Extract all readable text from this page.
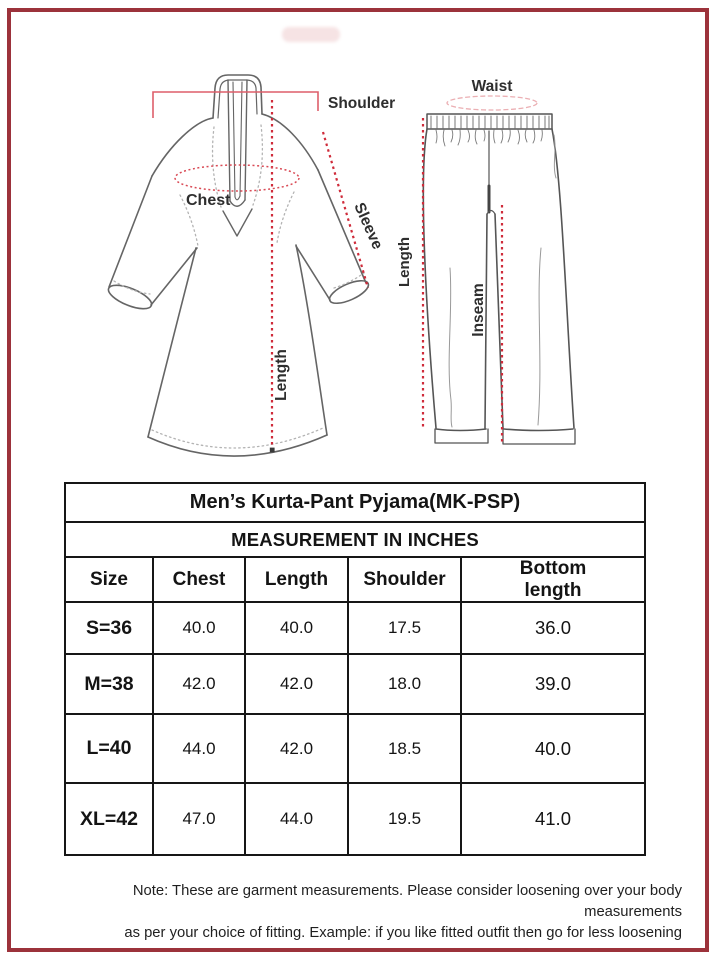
Shoulder
Chest
Length
Sleeve
Waist
Length
Inseam
Men’s Kurta-Pant Pyjama(MK-PSP)				
MEASUREMENT IN INCHES				
Size	Chest	Length	Shoulder	Bottom length

S=36	40.0	40.0	17.5	36.0
M=38	42.0	42.0	18.0	39.0
L=40	44.0	42.0	18.5	40.0
XL=42	47.0	44.0	19.5	41.0
Note: These are garment measurements. Please consider loosening over your body measurements
as per your choice of fitting. Example: if you like fitted outfit then go for less loosening
